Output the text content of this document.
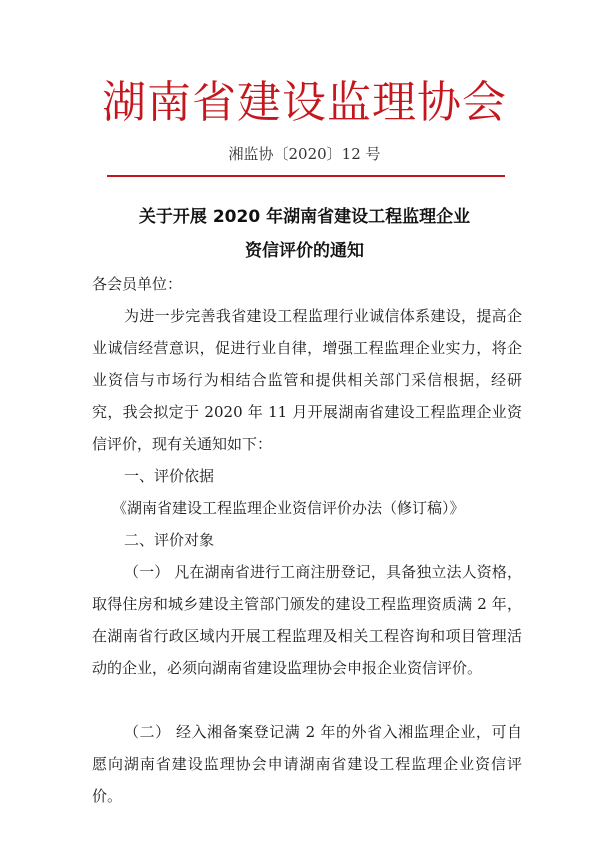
湖南省建设监理协会
湘监协〔2020〕12 号
关于开展 2020 年湖南省建设工程监理企业
资信评价的通知
各会员单位：
为进一步完善我省建设工程监理行业诚信体系建设，提高企业诚信经营意识，促进行业自律，增强工程监理企业实力，将企业资信与市场行为相结合监管和提供相关部门采信根据，经研究，我会拟定于 2020 年 11 月开展湖南省建设工程监理企业资信评价，现有关通知如下：
一、评价依据
《湖南省建设工程监理企业资信评价办法（修订稿）》
二、评价对象
（一） 凡在湖南省进行工商注册登记，具备独立法人资格，取得住房和城乡建设主管部门颁发的建设工程监理资质满 2 年，在湖南省行政区域内开展工程监理及相关工程咨询和项目管理活动的企业，必须向湖南省建设监理协会申报企业资信评价。
（二） 经入湘备案登记满 2 年的外省入湘监理企业，可自愿向湖南省建设监理协会申请湖南省建设工程监理企业资信评价。
